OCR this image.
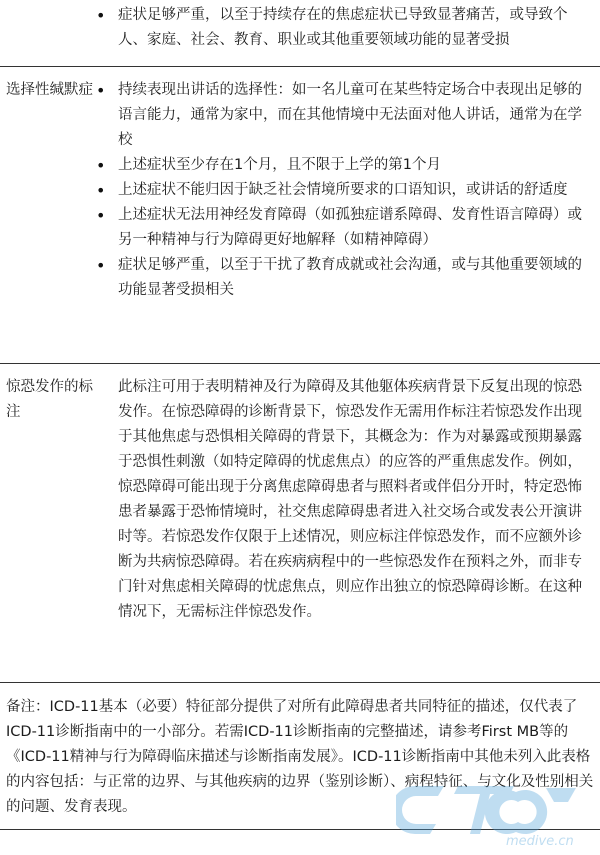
• 症状足够严重，以至于持续存在的焦虑症状已导致显著痛苦，或导致个人、家庭、社会、教育、职业或其他重要领域功能的显著受损
选择性缄默症
•	持续表现出讲话的选择性：如一名儿童可在某些特定场合中表现出足够的语言能力，通常为家中，而在其他情境中无法面对他人讲话，通常为在学校
• 上述症状至少存在1个月，且不限于上学的第1个月
• 上述症状不能归因于缺乏社会情境所要求的口语知识，或讲话的舒适度
• 上述症状无法用神经发育障碍（如孤独症谱系障碍、发育性语言障碍）或另一种精神与行为障碍更好地解释（如精神障碍）
• 症状足够严重，以至于干扰了教育成就或社会沟通，或与其他重要领域的功能显著受损相关
惊恐发作的标注

此标注可用于表明精神及行为障碍及其他躯体疾病背景下反复出现的惊恐发作。在惊恐障碍的诊断背景下，惊恐发作无需用作标注若惊恐发作出现于其他焦虑与恐惧相关障碍的背景下，其概念为：作为对暴露或预期暴露于恐惧性刺激（如特定障碍的忧虑焦点）的应答的严重焦虑发作。例如，惊恐障碍可能出现于分离焦虑障碍患者与照料者或伴侣分开时，特定恐怖患者暴露于恐怖情境时，社交焦虑障碍患者进入社交场合或发表公开演讲时等。若惊恐发作仅限于上述情况，则应标注伴惊恐发作，而不应额外诊断为共病惊恐障碍。若在疾病病程中的一些惊恐发作在预料之外，而非专门针对焦虑相关障碍的忧虑焦点，则应作出独立的惊恐障碍诊断。在这种情况下，无需标注伴惊恐发作。

备注：ICD-11基本（必要）特征部分提供了对所有此障碍患者共同特征的描述，仅代表了ICD-11诊断指南中的一小部分。若需ICD-11诊断指南的完整描述，请参考First MB等的《ICD-11精神与行为障碍临床描述与诊断指南发展》。ICD-11诊断指南中其他未列入此表格的内容包括：与正常的边界、与其他疾病的边界（鉴别诊断）、病程特征、与文化及性别相关的问题、发育表现。
medive.cn
